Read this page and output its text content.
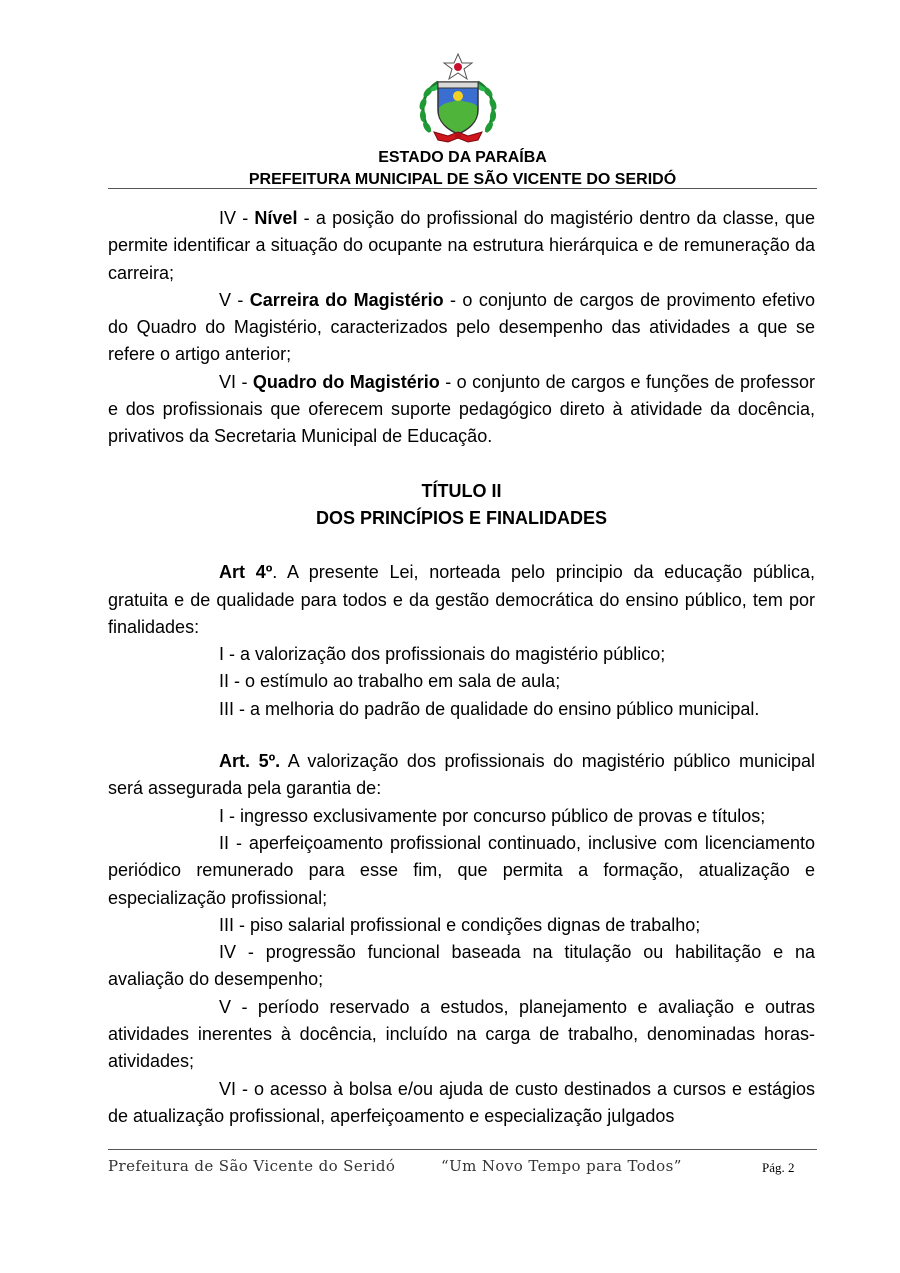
ESTADO DA PARAÍBA
PREFEITURA MUNICIPAL DE SÃO VICENTE DO SERIDÓ

IV - Nível - a posição do profissional do magistério dentro da classe, que permite identificar a situação do ocupante na estrutura hierárquica e de remuneração da carreira;

V - Carreira do Magistério - o conjunto de cargos de provimento efetivo do Quadro do Magistério, caracterizados pelo desempenho das atividades a que se refere o artigo anterior;

VI - Quadro do Magistério - o conjunto de cargos e funções de professor e dos profissionais que oferecem suporte pedagógico direto à atividade da docência, privativos da Secretaria Municipal de Educação.

TÍTULO II

DOS PRINCÍPIOS E FINALIDADES

Art 4º. A presente Lei, norteada pelo principio da educação pública, gratuita e de qualidade para todos e da gestão democrática do ensino público, tem por finalidades:

I - a valorização dos profissionais do magistério público;

II - o estímulo ao trabalho em sala de aula;

III - a melhoria do padrão de qualidade do ensino público municipal.

Art. 5º. A valorização dos profissionais do magistério público municipal será assegurada pela garantia de:

I - ingresso exclusivamente por concurso público de provas e títulos;

II - aperfeiçoamento profissional continuado, inclusive com licenciamento periódico remunerado para esse fim, que permita a formação, atualização e especialização profissional;

III - piso salarial profissional e condições dignas de trabalho;

IV - progressão funcional baseada na titulação ou habilitação e na avaliação do desempenho;

V - período reservado a estudos, planejamento e avaliação e outras atividades inerentes à docência, incluído na carga de trabalho, denominadas horas-atividades;

VI - o acesso à bolsa e/ou ajuda de custo destinados a cursos e estágios de atualização profissional, aperfeiçoamento e especialização julgados

Prefeitura de São Vicente do Seridó	“Um Novo Tempo para Todos”	Pág. 2
